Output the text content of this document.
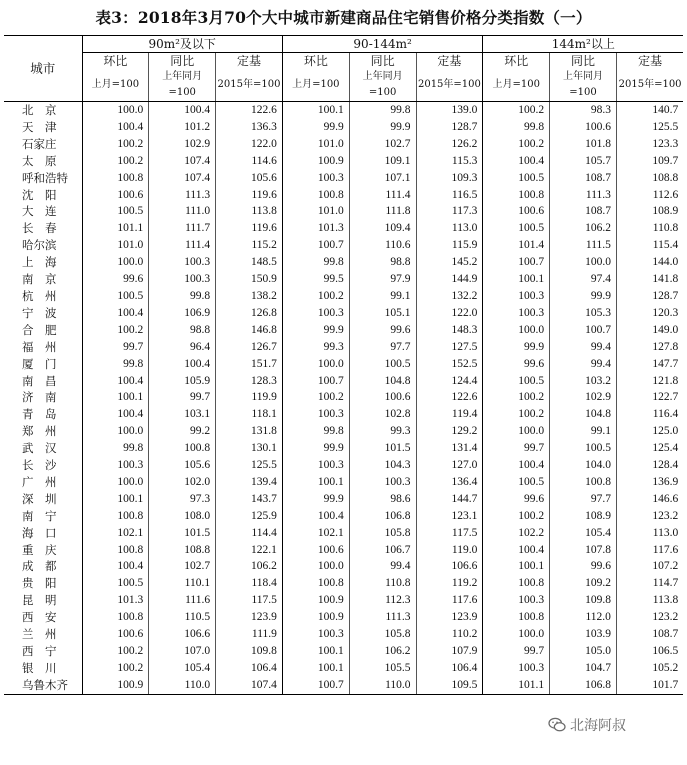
表3：2018年3月70个大中城市新建商品住宅销售价格分类指数（一）
城市	90m²及以下			90-144m²			144m²以上		
	环比	同比	定基	环比	同比	定基	环比	同比	定基
	上月=100	上年同月=100	2015年=100	上月=100	上年同月=100	2015年=100	上月=100	上年同月=100	2015年=100
北　京	100.0	100.4	122.6	100.1	99.8	139.0	100.2	98.3	140.7
天　津	100.4	101.2	136.3	99.9	99.9	128.7	99.8	100.6	125.5
石家庄	100.2	102.9	122.0	101.0	102.7	126.2	100.2	101.8	123.3
太　原	100.2	107.4	114.6	100.9	109.1	115.3	100.4	105.7	109.7
呼和浩特	100.8	107.4	105.6	100.3	107.1	109.3	100.5	108.7	108.8
沈　阳	100.6	111.3	119.6	100.8	111.4	116.5	100.8	111.3	112.6
大　连	100.5	111.0	113.8	101.0	111.8	117.3	100.6	108.7	108.9
长　春	101.1	111.7	119.6	101.3	109.4	113.0	100.5	106.2	110.8
哈尔滨	101.0	111.4	115.2	100.7	110.6	115.9	101.4	111.5	115.4
上　海	100.0	100.3	148.5	99.8	98.8	145.2	100.7	100.0	144.0
南　京	99.6	100.3	150.9	99.5	97.9	144.9	100.1	97.4	141.8
杭　州	100.5	99.8	138.2	100.2	99.1	132.2	100.3	99.9	128.7
宁　波	100.4	106.9	126.8	100.3	105.1	122.0	100.3	105.3	120.3
合　肥	100.2	98.8	146.8	99.9	99.6	148.3	100.0	100.7	149.0
福　州	99.7	96.4	126.7	99.3	97.7	127.5	99.9	99.4	127.8
厦　门	99.8	100.4	151.7	100.0	100.5	152.5	99.6	99.4	147.7
南　昌	100.4	105.9	128.3	100.7	104.8	124.4	100.5	103.2	121.8
济　南	100.1	99.7	119.9	100.2	100.6	122.6	100.2	102.9	122.7
青　岛	100.4	103.1	118.1	100.3	102.8	119.4	100.2	104.8	116.4
郑　州	100.0	99.2	131.8	99.8	99.3	129.2	100.0	99.1	125.0
武　汉	99.8	100.8	130.1	99.9	101.5	131.4	99.7	100.5	125.4
长　沙	100.3	105.6	125.5	100.3	104.3	127.0	100.4	104.0	128.4
广　州	100.0	102.0	139.4	100.1	100.3	136.4	100.5	100.8	136.9
深　圳	100.1	97.3	143.7	99.9	98.6	144.7	99.6	97.7	146.6
南　宁	100.8	108.0	125.9	100.4	106.8	123.1	100.2	108.9	123.2
海　口	102.1	101.5	114.4	102.1	105.8	117.5	102.2	105.4	113.0
重　庆	100.8	108.8	122.1	100.6	106.7	119.0	100.4	107.8	117.6
成　都	100.4	102.7	106.2	100.0	99.4	106.6	100.1	99.6	107.2
贵　阳	100.5	110.1	118.4	100.8	110.8	119.2	100.8	109.2	114.7
昆　明	101.3	111.6	117.5	100.9	112.3	117.6	100.3	109.8	113.8
西　安	100.8	110.5	123.9	100.9	111.3	123.9	100.8	112.0	123.2
兰　州	100.6	106.6	111.9	100.3	105.8	110.2	100.0	103.9	108.7
西　宁	100.2	107.0	109.8	100.1	106.2	107.9	99.7	105.0	106.5
银　川	100.2	105.4	106.4	100.1	105.5	106.4	100.3	104.7	105.2
乌鲁木齐	100.9	110.0	107.4	100.7	110.0	109.5	101.1	106.8	101.7
北海阿叔
